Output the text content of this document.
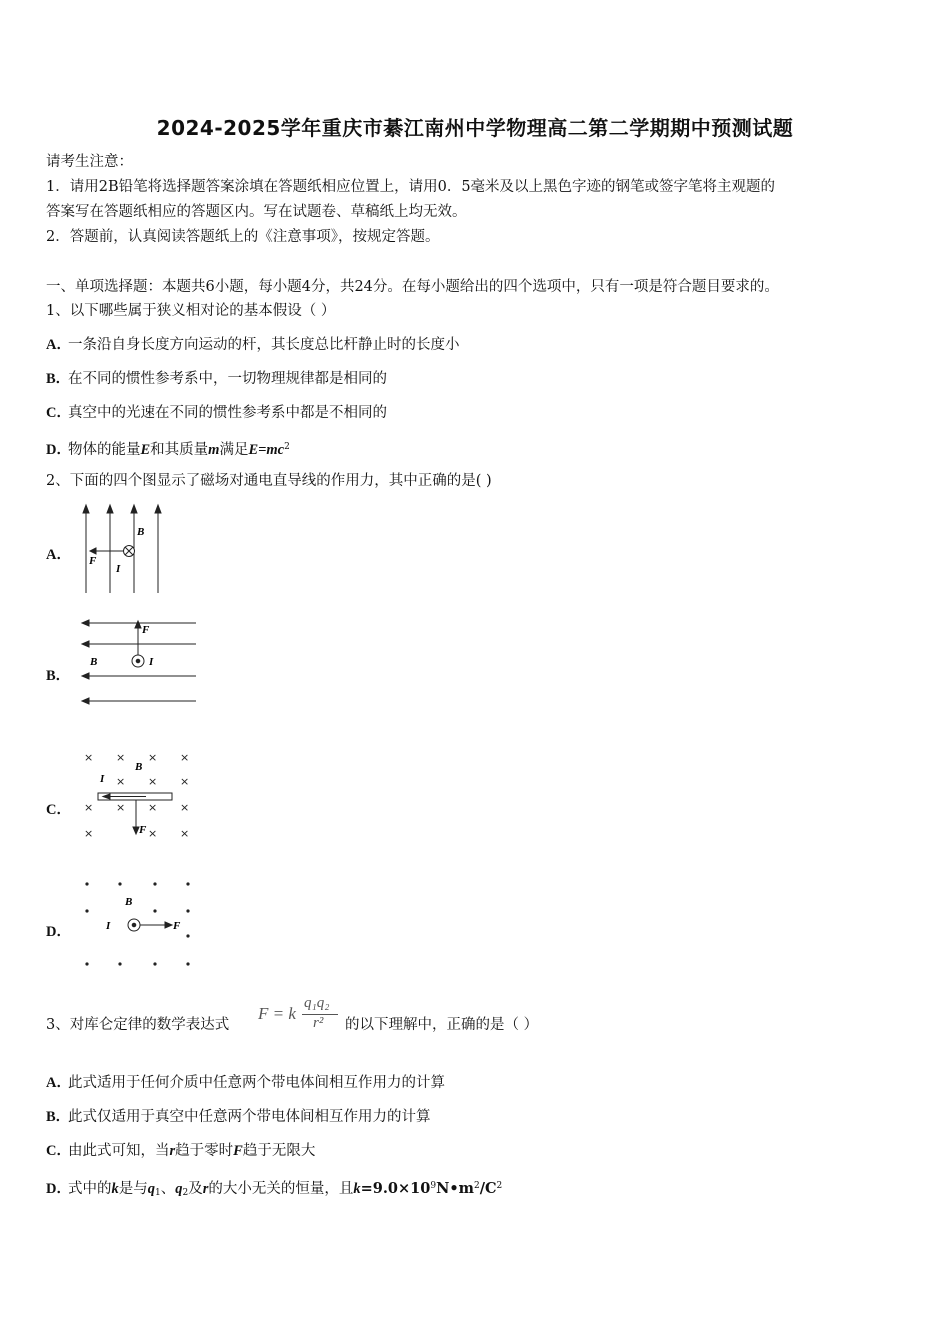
2024-2025学年重庆市綦江南州中学物理高二第二学期期中预测试题
请考生注意：
1．请用2B铅笔将选择题答案涂填在答题纸相应位置上，请用0．5毫米及以上黑色字迹的钢笔或签字笔将主观题的
答案写在答题纸相应的答题区内。写在试题卷、草稿纸上均无效。
2．答题前，认真阅读答题纸上的《注意事项》，按规定答题。
一、单项选择题：本题共6小题，每小题4分，共24分。在每小题给出的四个选项中，只有一项是符合题目要求的。
1、以下哪些属于狭义相对论的基本假设（ ）
A．一条沿自身长度方向运动的杆，其长度总比杆静止时的长度小
B．在不同的惯性参考系中，一切物理规律都是相同的
C．真空中的光速在不同的惯性参考系中都是不相同的
D．物体的能量E和其质量m满足$E=mc^2$
2、下面的四个图显示了磁场对通电直导线的作用力，其中正确的是( )
A．
B
F
I
B．
F
B	I
C．
× × × ×
× × ×
× × × ×
×	× ×
B
I
F
D．
B
I	F
3、对库仑定律的数学表达式
F = k
q₁q₂
r² 的以下理解中，正确的是（ ）
A．此式适用于任何介质中任意两个带电体间相互作用力的计算
B．此式仅适用于真空中任意两个带电体间相互作用力的计算
C．由此式可知，当r趋于零时F趋于无限大
D．式中的k是与$q_1$、$q_2$及r的大小无关的恒量，且$k=9.0\times 10^9N•m^2/C^2$
